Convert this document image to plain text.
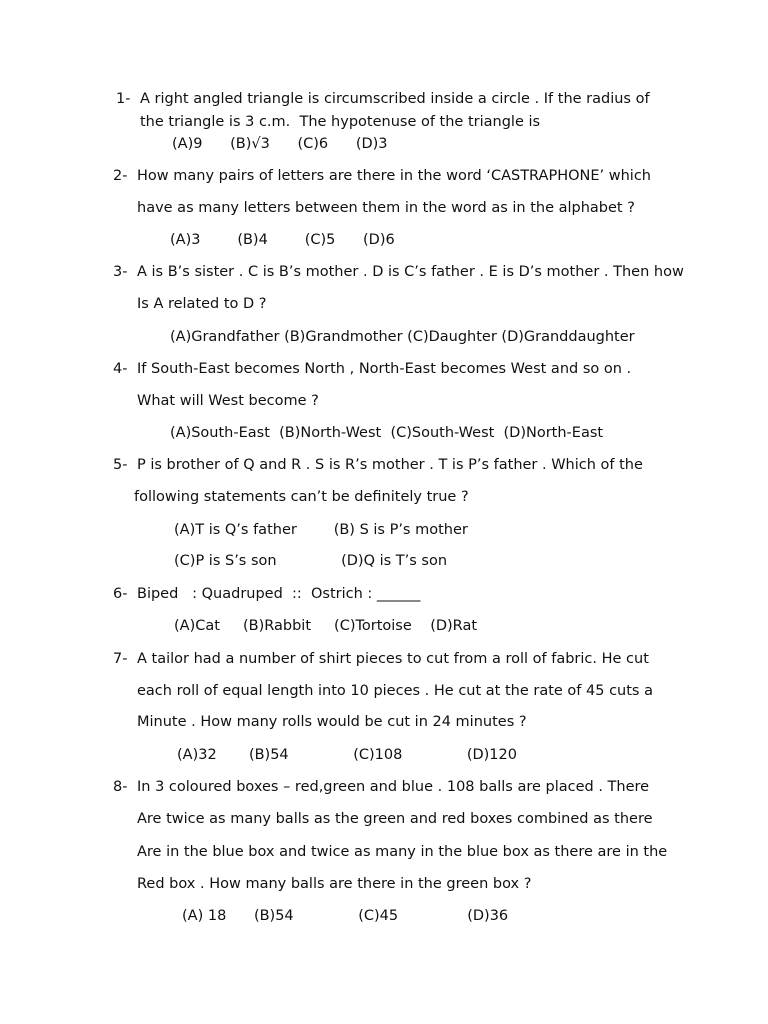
1- A right angled triangle is circumscribed inside a circle . If the radius of
the triangle is 3 c.m.  The hypotenuse of the triangle is
(A)9      (B)√3      (C)6      (D)3
2- How many pairs of letters are there in the word ‘CASTRAPHONE’ which
have as many letters between them in the word as in the alphabet ?
(A)3        (B)4        (C)5      (D)6
3- A is B’s sister . C is B’s mother . D is C’s father . E is D’s mother . Then how
Is A related to D ?
(A)Grandfather (B)Grandmother (C)Daughter (D)Granddaughter
4- If South-East becomes North , North-East becomes West and so on .
What will West become ?
(A)South-East  (B)North-West  (C)South-West  (D)North-East
5- P is brother of Q and R . S is R’s mother . T is P’s father . Which of the
following statements can’t be definitely true ?
(A)T is Q’s father        (B) S is P’s mother
(C)P is S’s son              (D)Q is T’s son
6- Biped   : Quadruped  ::  Ostrich : ______
(A)Cat     (B)Rabbit     (C)Tortoise    (D)Rat
7- A tailor had a number of shirt pieces to cut from a roll of fabric. He cut
each roll of equal length into 10 pieces . He cut at the rate of 45 cuts a
Minute . How many rolls would be cut in 24 minutes ?
(A)32       (B)54              (C)108              (D)120
8- In 3 coloured boxes – red,green and blue . 108 balls are placed . There
Are twice as many balls as the green and red boxes combined as there
Are in the blue box and twice as many in the blue box as there are in the
Red box . How many balls are there in the green box ?
(A) 18      (B)54              (C)45               (D)36
